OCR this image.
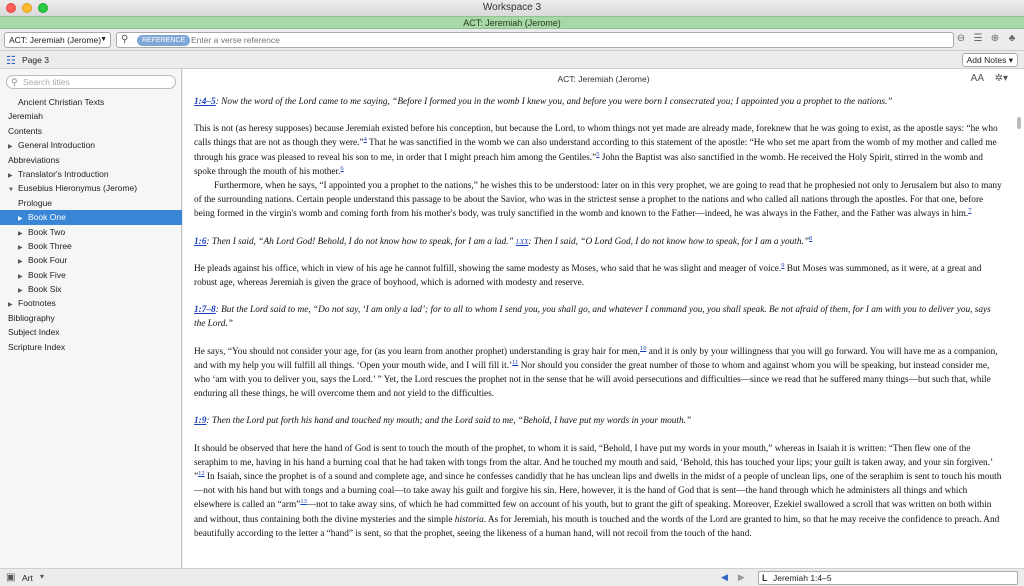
Workspace 3
ACT: Jeremiah (Jerome)
ACT: Jeremiah (Jerome)
▼ ⚲	REFERENCE
Enter a verse reference	⊖ ☰ ⊕ ♣
☷ Page 3	Add Notes ▾
⚲ Search titles
Ancient Christian Texts
Jeremiah
Contents
▶ General Introduction
Abbreviations
▶ Translator's Introduction
▼ Eusebius Hieronymus (Jerome)
Prologue
▶ Book One
▶ Book Two
▶ Book Three
▶ Book Four
▶ Book Five
▶ Book Six
▶ Footnotes
Bibliography
Subject Index
Scripture Index
ACT: Jeremiah (Jerome)	AA ✲▾

1:4–5: Now the word of the Lord came to me saying, “Before I formed you in the womb I knew you, and before you were born I consecrated you; I appointed you a prophet to the nations.”

This is not (as heresy supposes) because Jeremiah existed before his conception, but because the Lord, to whom things not yet made are already made, foreknew that he was going to exist, as the apostle says: “he who calls things that are not as though they were.”$^4$ That he was sanctified in the womb we can also understand according to this statement of the apostle: “He who set me apart from the womb of my mother and called me through his grace was pleased to reveal his son to me, in order that I might preach him among the Gentiles.”$^5$ John the Baptist was also sanctified in the womb. He received the Holy Spirit, stirred in the womb and spoke through the mouth of his mother.$^6$

Furthermore, when he says, “I appointed you a prophet to the nations,” he wishes this to be understood: later on in this very prophet, we are going to read that he prophesied not only to Jerusalem but also to many of the surrounding nations. Certain people understand this passage to be about the Savior, who was in the strictest sense a prophet to the nations and who called all nations through the apostles. For that one, before being formed in the virgin's womb and coming forth from his mother's body, was truly sanctified in the womb and known to the Father—indeed, he was always in the Father, and the Father was always in him.$^7$

1:6: Then I said, “Ah Lord God! Behold, I do not know how to speak, for I am a lad.” LXX: Then I said, “O Lord God, I do not know how to speak, for I am a youth.”$^8$

He pleads against his office, which in view of his age he cannot fulfill, showing the same modesty as Moses, who said that he was slight and meager of voice.$^9$ But Moses was summoned, as it were, at a great and robust age, whereas Jeremiah is given the grace of boyhood, which is adorned with modesty and reserve.

1:7–8: But the Lord said to me, “Do not say, ‘I am only a lad’; for to all to whom I send you, you shall go, and whatever I command you, you shall speak. Be not afraid of them, for I am with you to deliver you, says the Lord.”

He says, “You should not consider your age, for (as you learn from another prophet) understanding is gray hair for men,$^{10}$ and it is only by your willingness that you will go forward. You will have me as a companion, and with my help you will fulfill all things. ‘Open your mouth wide, and I will fill it.’$^{11}$ Nor should you consider the great number of those to whom and against whom you will be speaking, but instead consider me, who ‘am with you to deliver you, says the Lord.’ ” Yet, the Lord rescues the prophet not in the sense that he will avoid persecutions and difficulties—since we read that he suffered many things—but such that, while enduring all these things, he will overcome them and not yield to the difficulties.

1:9: Then the Lord put forth his hand and touched my mouth; and the Lord said to me, “Behold, I have put my words in your mouth.”

It should be observed that here the hand of God is sent to touch the mouth of the prophet, to whom it is said, “Behold, I have put my words in your mouth,” whereas in Isaiah it is written: “Then flew one of the seraphim to me, having in his hand a burning coal that he had taken with tongs from the altar. And he touched my mouth and said, ‘Behold, this has touched your lips; your guilt is taken away, and your sin forgiven.’ ”$^{12}$ In Isaiah, since the prophet is of a sound and complete age, and since he confesses candidly that he has unclean lips and dwells in the midst of a people of unclean lips, one of the seraphim is sent to touch his mouth—not with his hand but with tongs and a burning coal—to take away his guilt and forgive his sin. Here, however, it is the hand of God that is sent—the hand through which he administers all things and which elsewhere is called an “arm”$^{13}$—not to take away sins, of which he had committed few on account of his youth, but to grant the gift of speaking. Moreover, Ezekiel swallowed a scroll that was written on both within and without, thus containing both the divine mysteries and the simple historia. As for Jeremiah, his mouth is touched and the words of the Lord are granted to him, so that he may receive the confidence to preach. And beautifully according to the letter a “hand” is sent, so that the prophet, seeing the likeness of a human hand, will not recoil from the touch of the hand.

▣ Art ▾	◀ ▶	L Jeremiah 1:4–5
